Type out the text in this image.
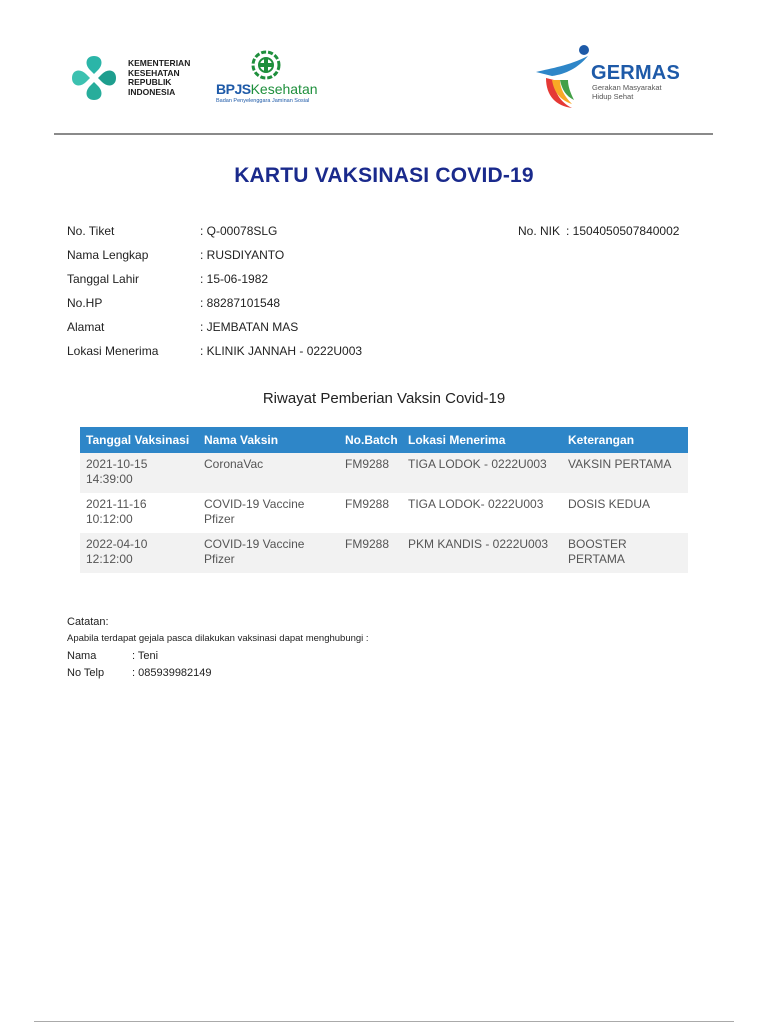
KEMENTERIAN KESEHATAN REPUBLIK INDONESIA	BPJSKesehatan
Badan Penyelenggara Jaminan Sosial
GERMAS
Gerakan Masyarakat Hidup Sehat
KARTU VAKSINASI COVID-19
No. Tiket	: Q-00078SLG	No. NIK : 1504050507840002
Nama Lengkap	: RUSDIYANTO
Tanggal Lahir	: 15-06-1982
No.HP	: 88287101548
Alamat	: JEMBATAN MAS
Lokasi Menerima	: KLINIK JANNAH - 0222U003
Riwayat Pemberian Vaksin Covid-19
Tanggal Vaksinasi	Nama Vaksin	No.Batch	Lokasi Menerima	Keterangan
2021-10-15 14:39:00	CoronaVac	FM9288	TIGA LODOK - 0222U003	VAKSIN PERTAMA
2021-11-16 10:12:00	COVID-19 Vaccine Pfizer	FM9288	TIGA LODOK- 0222U003	DOSIS KEDUA
2022-04-10 12:12:00	COVID-19 Vaccine Pfizer	FM9288	PKM KANDIS - 0222U003	BOOSTER PERTAMA
Catatan:
Apabila terdapat gejala pasca dilakukan vaksinasi dapat menghubungi :
Nama	: Teni
No Telp	: 085939982149
